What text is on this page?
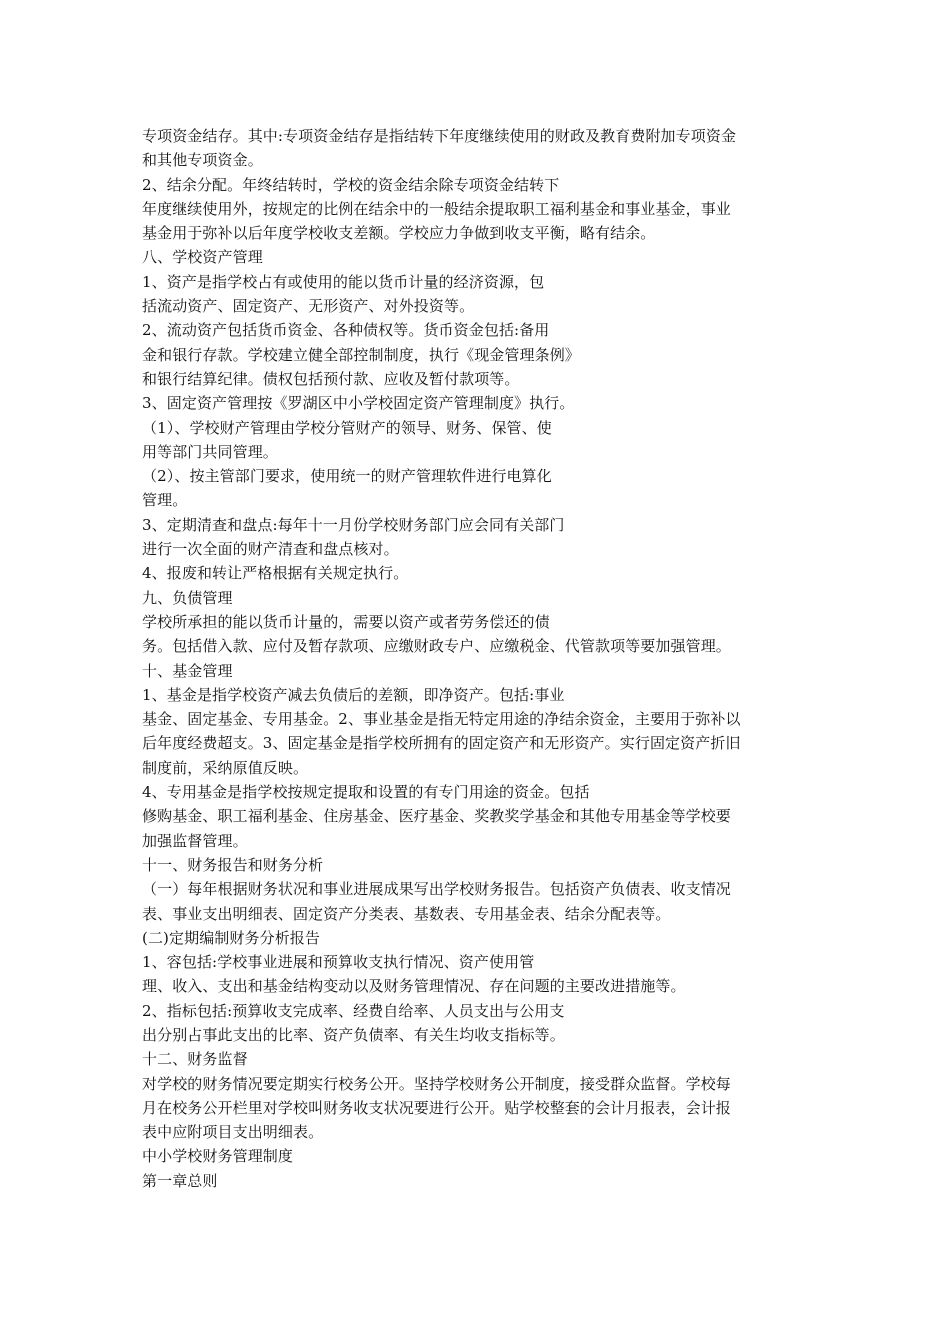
专项资金结存。其中:专项资金结存是指结转下年度继续使用的财政及教育费附加专项资金
和其他专项资金。
2、结余分配。年终结转时，学校的资金结余除专项资金结转下
年度继续使用外，按规定的比例在结余中的一般结余提取职工福利基金和事业基金，事业
基金用于弥补以后年度学校收支差额。学校应力争做到收支平衡，略有结余。
八、学校资产管理
1、资产是指学校占有或使用的能以货币计量的经济资源，包
括流动资产、固定资产、无形资产、对外投资等。
2、流动资产包括货币资金、各种债权等。货币资金包括:备用
金和银行存款。学校建立健全部控制制度，执行《现金管理条例》
和银行结算纪律。债权包括预付款、应收及暂付款项等。
3、固定资产管理按《罗湖区中小学校固定资产管理制度》执行。
（1）、学校财产管理由学校分管财产的领导、财务、保管、使
用等部门共同管理。
（2）、按主管部门要求，使用统一的财产管理软件进行电算化
管理。
3、定期清查和盘点:每年十一月份学校财务部门应会同有关部门
进行一次全面的财产清查和盘点核对。
4、报废和转让严格根据有关规定执行。
九、负债管理
学校所承担的能以货币计量的，需要以资产或者劳务偿还的债
务。包括借入款、应付及暂存款项、应缴财政专户、应缴税金、代管款项等要加强管理。
十、基金管理
1、基金是指学校资产减去负债后的差额，即净资产。包括:事业
基金、固定基金、专用基金。2、事业基金是指无特定用途的净结余资金，主要用于弥补以
后年度经费超支。3、固定基金是指学校所拥有的固定资产和无形资产。实行固定资产折旧
制度前，采纳原值反映。
4、专用基金是指学校按规定提取和设置的有专门用途的资金。包括
修购基金、职工福利基金、住房基金、医疗基金、奖教奖学基金和其他专用基金等学校要
加强监督管理。
十一、财务报告和财务分析
（一）每年根据财务状况和事业进展成果写出学校财务报告。包括资产负债表、收支情况
表、事业支出明细表、固定资产分类表、基数表、专用基金表、结余分配表等。
(二)定期编制财务分析报告
1、容包括:学校事业进展和预算收支执行情况、资产使用管
理、收入、支出和基金结构变动以及财务管理情况、存在问题的主要改进措施等。
2、指标包括:预算收支完成率、经费自给率、人员支出与公用支
出分别占事此支出的比率、资产负债率、有关生均收支指标等。
十二、财务监督
对学校的财务情况要定期实行校务公开。坚持学校财务公开制度，接受群众监督。学校每
月在校务公开栏里对学校叫财务收支状况要进行公开。贴学校整套的会计月报表，会计报
表中应附项目支出明细表。
中小学校财务管理制度
第一章总则
